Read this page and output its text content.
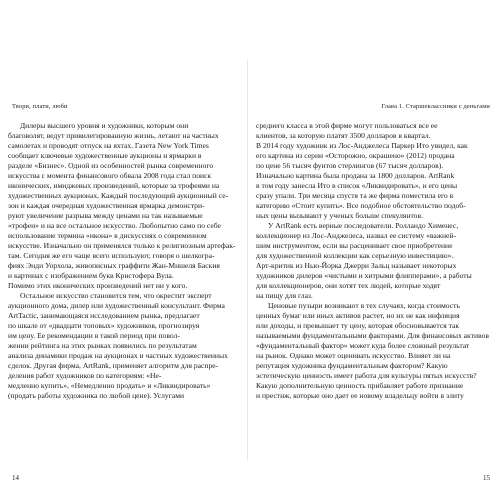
Твори, плати, люби
Дилеры высшего уровня и художники, которым они
благоволят, ведут привилегированную жизнь, летают на частных
самолетах и проводят отпуск на яхтах. Газета New York Times
сообщает ключевые художественные аукционы и ярмарки в
разделе «Бизнес». Одной из особенностей рынка современного
искусства с момента финансового обвала 2008 года стал поиск
иконических, имиджевых произведений, которые за трофеями на
художественных аукционах, Каждый последующий аукционный се-
зон и каждая очередная художественная ярмарка демонстри-
руют увеличение разрыва между ценами на так называемые
«трофеи» и на все остальное искусство. Любопытно само по себе
использование термина «икона» в дискуссиях о современном
искусстве. Изначально он применялся только к религиозным артефак-
там. Сегодня же его чаще всего используют, говоря о шелкогра-
фиях Энди Уорхола, живописных граффити Жан-Мишеля Баския
и картинах с изображением букв Кристофера Вула.
Помимо этих иконических произведений нет ни у кого.
Остальное искусство становится тем, что окрестит эксперт
аукционного дома, дилер или художественный консультант. Фирма
ArtTactic, занимающаяся исследованием рынка, предлагает
по шкале от «двадцати топовых» художников, прогнозируя
им цену. Ее рекомендации в такой период при повол-
жении рейтинга на этих рынках появились по результатам
анализа динамики продаж на аукционах и частных художественных
сделок. Другая фирма, ArtRank, применяет алгоритм для распре-
деления работ художников по категориям: «Не-
медленно купить», «Немедленно продать» и «Ликвидировать»
(продать работы художника по любой цене). Услугами
14
Глава 1. Старшеклассники с деньгами
среднего класса в этой фирме могут пользоваться все ее
клиентов, за которую платят 3500 долларов в квартал.
В 2014 году художник из Лос-Анджелеса Паркер Ито увидел, как
его картина из серии «Осторожно, окрашено» (2012) продана
по цене 56 тысяч фунтов стерлингов (67 тысяч долларов).
Изначально картина была продана за 1800 долларов. ArtRank
в том году занесла Ито в список «Ликвидировать», и его цены
сразу упали. Три месяца спустя та же фирма поместила его в
категорию «Стоит купить». Все подобное обстоятельство подоб-
ных цены вызывают у ученых больше спекулянтов.
У ArtRank есть верные последователи. Ролландо Хименес,
коллекционер из Лос-Анджелеса, назвал ее систему «важней-
шим инструментом, если вы расценивает свое приобретение
для художественной коллекции как серьезную инвестицию».
Арт-критик из Нью-Йорка Джерри Зальц называет некоторых
художников дилеров «чистыми и хитрыми флипперами», а работы
для коллекционеров, они хотят тех людей, которые ходят
на пищу для глаз.
Ценовые пузыри возникают в тех случаях, когда стоимость
ценных бумаг или иных активов растет, но их не как инфляция
или доходы, и превышает ту цену, которая обосновывается так
называемыми фундаментальными факторами. Для финансовых активов
«фундаментальный фактор» может куда более сложный результат
на рынок. Однако может оценивать искусство. Влияет ли на
репутация художника фундаментальным фактором? Какую
эстетическую ценность имеет работа для культуры пятых искусств?
Какую дополнительную ценность прибавляет работе признание
и престиж, которые оно дает ее новому владельцу войти в элиту
15
